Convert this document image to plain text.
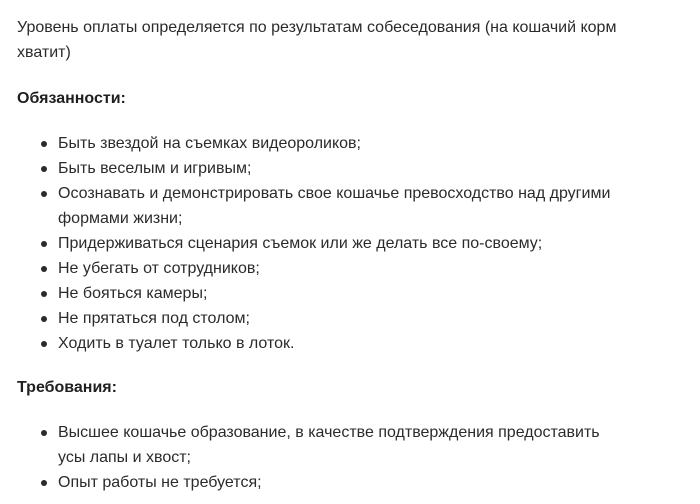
Уровень оплаты определяется по результатам собеседования (на кошачий корм хватит)

Обязанности:
Быть звездой на съемках видеороликов;
Быть веселым и игривым;
Осознавать и демонстрировать свое кошачье превосходство над другими формами жизни;
Придерживаться сценария съемок или же делать все по-своему;
Не убегать от сотрудников;
Не бояться камеры;
Не прятаться под столом;
Ходить в туалет только в лоток.
Требования:
Высшее кошачье образование, в качестве подтверждения предоставить усы лапы и хвост;
Опыт работы не требуется;
